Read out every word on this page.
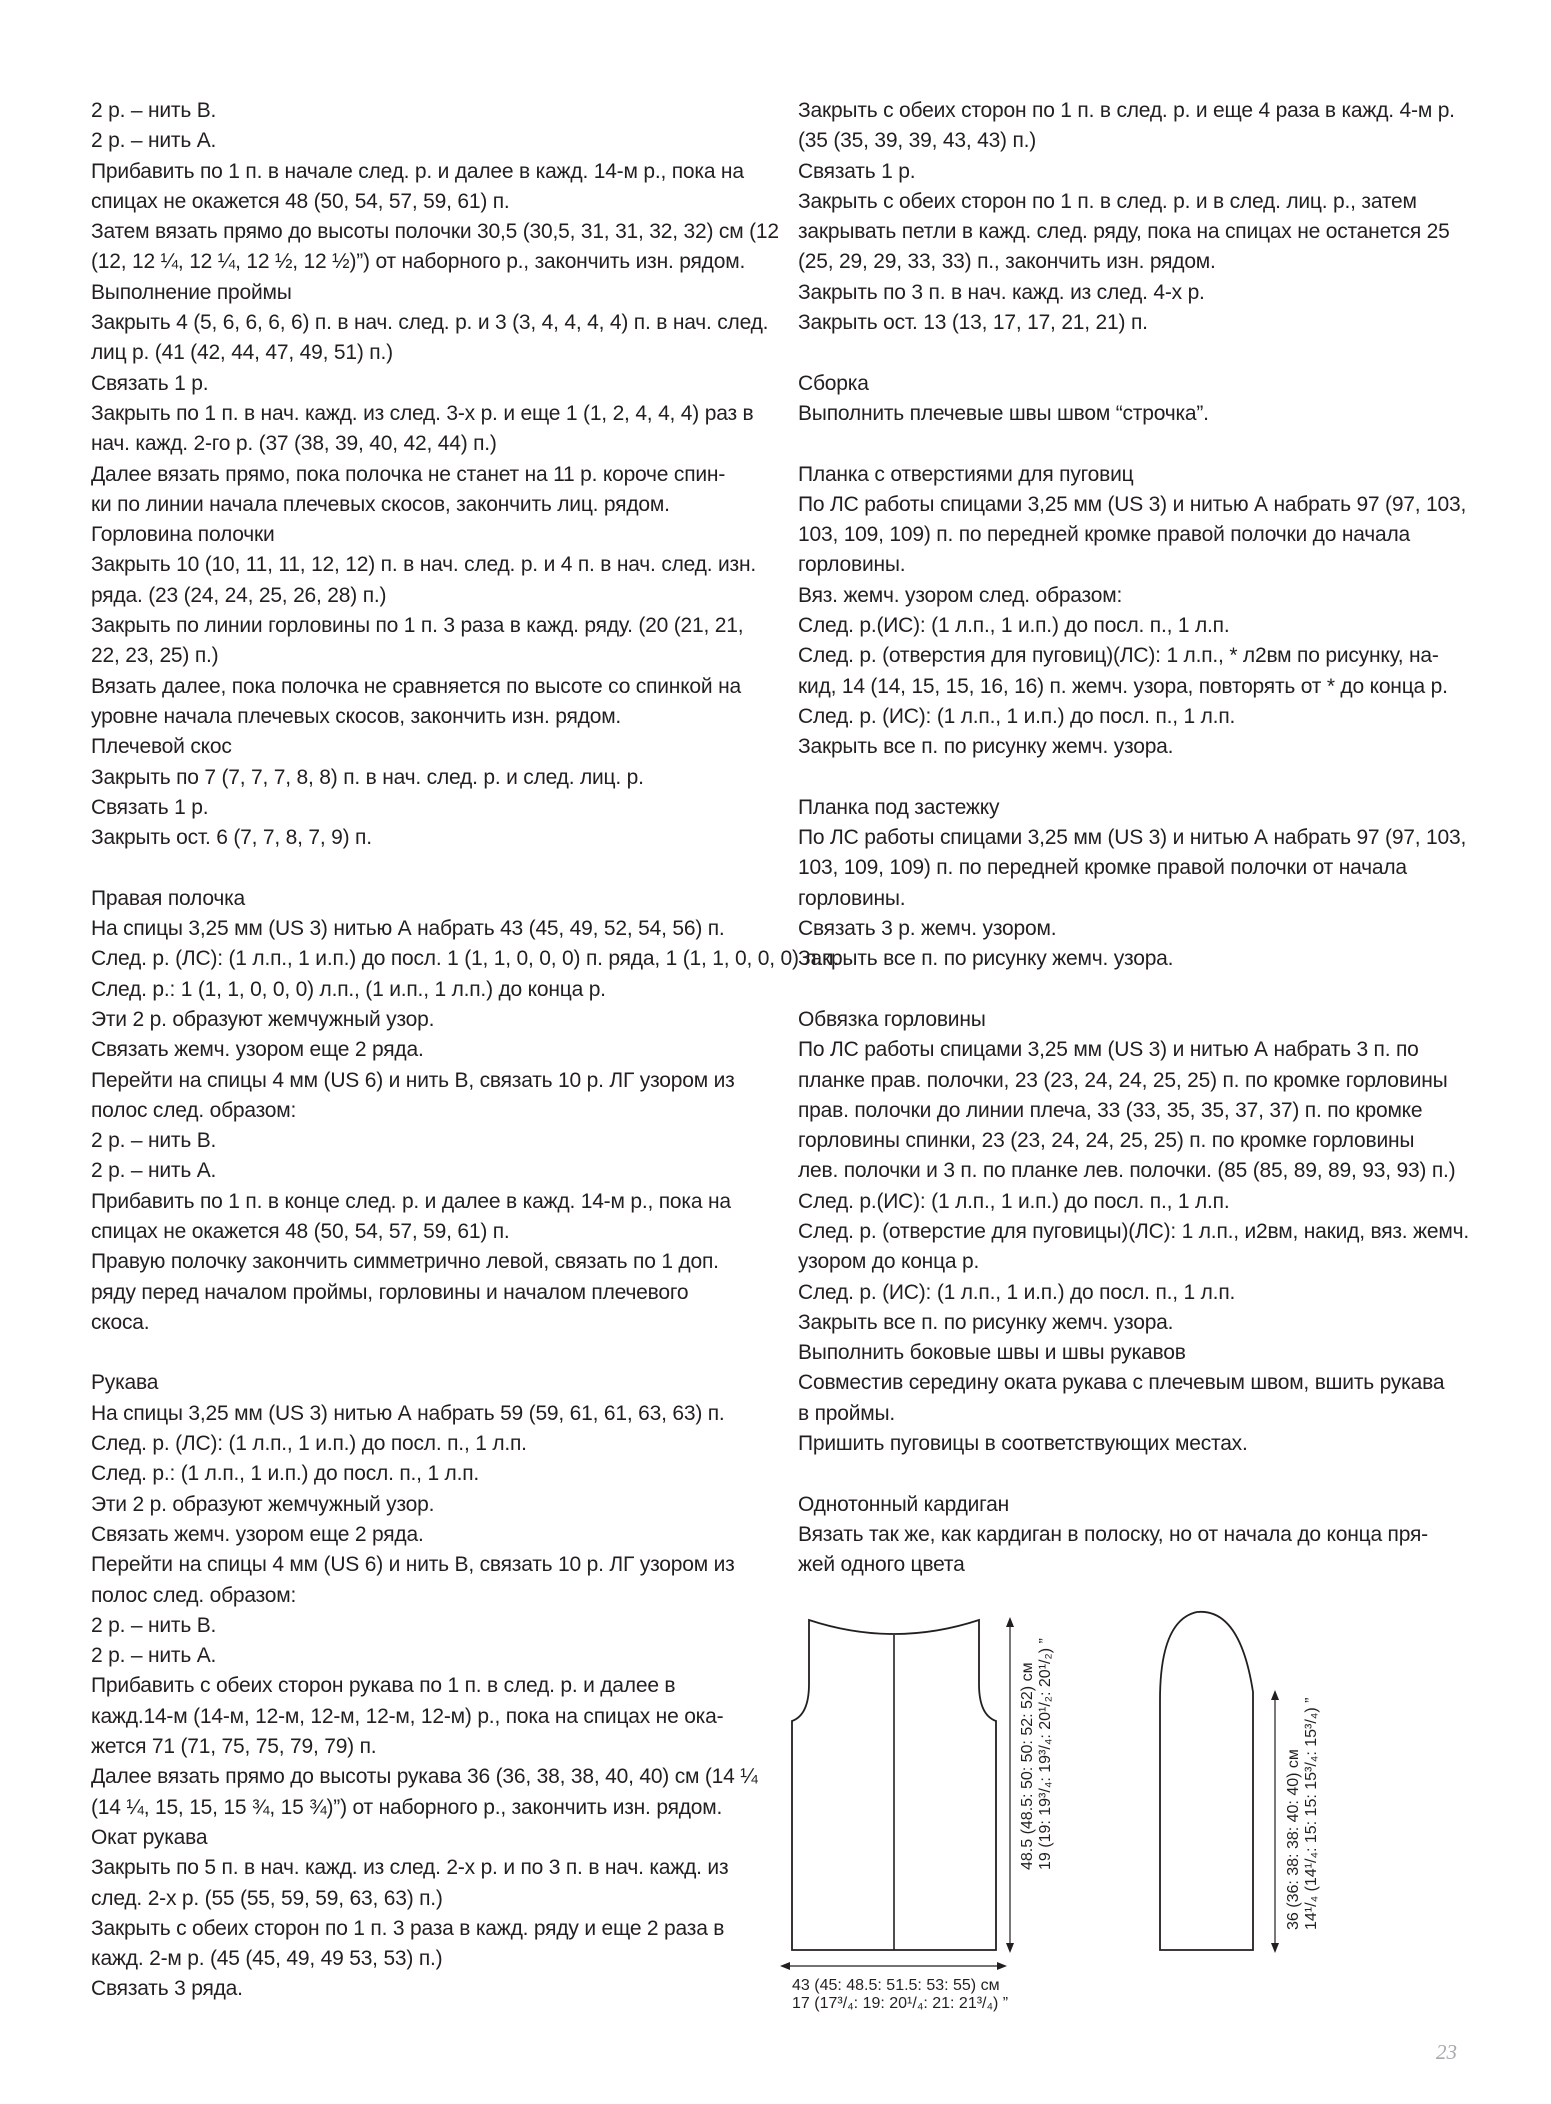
2 р. – нить В.
2 р. – нить А.
Прибавить по 1 п. в начале след. р. и далее в кажд. 14-м р., пока на
спицах не окажется 48 (50, 54, 57, 59, 61) п.
Затем вязать прямо до высоты полочки 30,5 (30,5, 31, 31, 32, 32) см (12
(12, 12 ¼, 12 ¼, 12 ½, 12 ½)”) от наборного р., закончить изн. рядом.
Выполнение проймы
Закрыть 4 (5, 6, 6, 6, 6) п. в нач. след. р. и 3 (3, 4, 4, 4, 4) п. в нач. след.
лиц р. (41 (42, 44, 47, 49, 51) п.)
Связать 1 р.
Закрыть по 1 п. в нач. кажд. из след. 3-х р. и еще 1 (1, 2, 4, 4, 4) раз в
нач. кажд. 2-го р. (37 (38, 39, 40, 42, 44) п.)
Далее вязать прямо, пока полочка не станет на 11 р. короче спин-
ки по линии начала плечевых скосов, закончить лиц. рядом.
Горловина полочки
Закрыть 10 (10, 11, 11, 12, 12) п. в нач. след. р. и 4 п. в нач. след. изн.
ряда. (23 (24, 24, 25, 26, 28) п.)
Закрыть по линии горловины по 1 п. 3 раза в кажд. ряду. (20 (21, 21,
22, 23, 25) п.)
Вязать далее, пока полочка не сравняется по высоте со спинкой на
уровне начала плечевых скосов, закончить изн. рядом.
Плечевой скос
Закрыть по 7 (7, 7, 7, 8, 8) п. в нач. след. р. и след. лиц. р.
Связать 1 р.
Закрыть ост. 6 (7, 7, 8, 7, 9) п.
Правая полочка
На спицы 3,25 мм (US 3) нитью А набрать 43 (45, 49, 52, 54, 56) п.
След. р. (ЛС): (1 л.п., 1 и.п.) до посл. 1 (1, 1, 0, 0, 0) п. ряда, 1 (1, 1, 0, 0, 0) л.п.
След. р.: 1 (1, 1, 0, 0, 0) л.п., (1 и.п., 1 л.п.) до конца р.
Эти 2 р. образуют жемчужный узор.
Связать жемч. узором еще 2 ряда.
Перейти на спицы 4 мм (US 6) и нить В, связать 10 р. ЛГ узором из
полос след. образом:
2 р. – нить В.
2 р. – нить А.
Прибавить по 1 п. в конце след. р. и далее в кажд. 14-м р., пока на
спицах не окажется 48 (50, 54, 57, 59, 61) п.
Правую полочку закончить симметрично левой, связать по 1 доп.
ряду перед началом проймы, горловины и началом плечевого
скоса.
Рукава
На спицы 3,25 мм (US 3) нитью А набрать 59 (59, 61, 61, 63, 63) п.
След. р. (ЛС): (1 л.п., 1 и.п.) до посл. п., 1 л.п.
След. р.: (1 л.п., 1 и.п.) до посл. п., 1 л.п.
Эти 2 р. образуют жемчужный узор.
Связать жемч. узором еще 2 ряда.
Перейти на спицы 4 мм (US 6) и нить В, связать 10 р. ЛГ узором из
полос след. образом:
2 р. – нить В.
2 р. – нить А.
Прибавить с обеих сторон рукава по 1 п. в след. р. и далее в
кажд.14-м (14-м, 12-м, 12-м, 12-м, 12-м) р., пока на спицах не ока-
жется 71 (71, 75, 75, 79, 79) п.
Далее вязать прямо до высоты рукава 36 (36, 38, 38, 40, 40) см (14 ¼
(14 ¼, 15, 15, 15 ¾, 15 ¾)”) от наборного р., закончить изн. рядом.
Окат рукава
Закрыть по 5 п. в нач. кажд. из след. 2-х р. и по 3 п. в нач. кажд. из
след. 2-х р. (55 (55, 59, 59, 63, 63) п.)
Закрыть с обеих сторон по 1 п. 3 раза в кажд. ряду и еще 2 раза в
кажд. 2-м р. (45 (45, 49, 49 53, 53) п.)
Связать 3 ряда.
Закрыть с обеих сторон по 1 п. в след. р. и еще 4 раза в кажд. 4-м р.
(35 (35, 39, 39, 43, 43) п.)
Связать 1 р.
Закрыть с обеих сторон по 1 п. в след. р. и в след. лиц. р., затем
закрывать петли в кажд. след. ряду, пока на спицах не останется 25
(25, 29, 29, 33, 33) п., закончить изн. рядом.
Закрыть по 3 п. в нач. кажд. из след. 4-х р.
Закрыть ост. 13 (13, 17, 17, 21, 21) п.
Сборка
Выполнить плечевые швы швом “строчка”.
Планка с отверстиями для пуговиц
По ЛС работы спицами 3,25 мм (US 3) и нитью А набрать 97 (97, 103,
103, 109, 109) п. по передней кромке правой полочки до начала
горловины.
Вяз. жемч. узором след. образом:
След. р.(ИС): (1 л.п., 1 и.п.) до посл. п., 1 л.п.
След. р. (отверстия для пуговиц)(ЛС): 1 л.п., * л2вм по рисунку, на-
кид, 14 (14, 15, 15, 16, 16) п. жемч. узора, повторять от * до конца р.
След. р. (ИС): (1 л.п., 1 и.п.) до посл. п., 1 л.п.
Закрыть все п. по рисунку жемч. узора.
Планка под застежку
По ЛС работы спицами 3,25 мм (US 3) и нитью А набрать 97 (97, 103,
103, 109, 109) п. по передней кромке правой полочки от начала
горловины.
Связать 3 р. жемч. узором.
Закрыть все п. по рисунку жемч. узора.
Обвязка горловины
По ЛС работы спицами 3,25 мм (US 3) и нитью А набрать 3 п. по
планке прав. полочки, 23 (23, 24, 24, 25, 25) п. по кромке горловины
прав. полочки до линии плеча, 33 (33, 35, 35, 37, 37) п. по кромке
горловины спинки, 23 (23, 24, 24, 25, 25) п. по кромке горловины
лев. полочки и 3 п. по планке лев. полочки. (85 (85, 89, 89, 93, 93) п.)
След. р.(ИС): (1 л.п., 1 и.п.) до посл. п., 1 л.п.
След. р. (отверстие для пуговицы)(ЛС): 1 л.п., и2вм, накид, вяз. жемч.
узором до конца р.
След. р. (ИС): (1 л.п., 1 и.п.) до посл. п., 1 л.п.
Закрыть все п. по рисунку жемч. узора.
Выполнить боковые швы и швы рукавов
Совместив середину оката рукава с плечевым швом, вшить рукава
в проймы.
Пришить пуговицы в соответствующих местах.
Однотонный кардиган
Вязать так же, как кардиган в полоску, но от начала до конца пря-
жей одного цвета
48.5 (48.5: 50: 50: 52: 52) см 19 (19: 19³/₄: 19³/₄: 20¹/₂: 20¹/₂) ”	36 (36: 38: 38: 40: 40) см 14¹/₄ (14¹/₄: 15: 15: 15³/₄: 15³/₄) ”
43 (45: 48.5: 51.5: 53: 55) см
17 (17³/₄: 19: 20¹/₄: 21: 21³/₄) ”
23
